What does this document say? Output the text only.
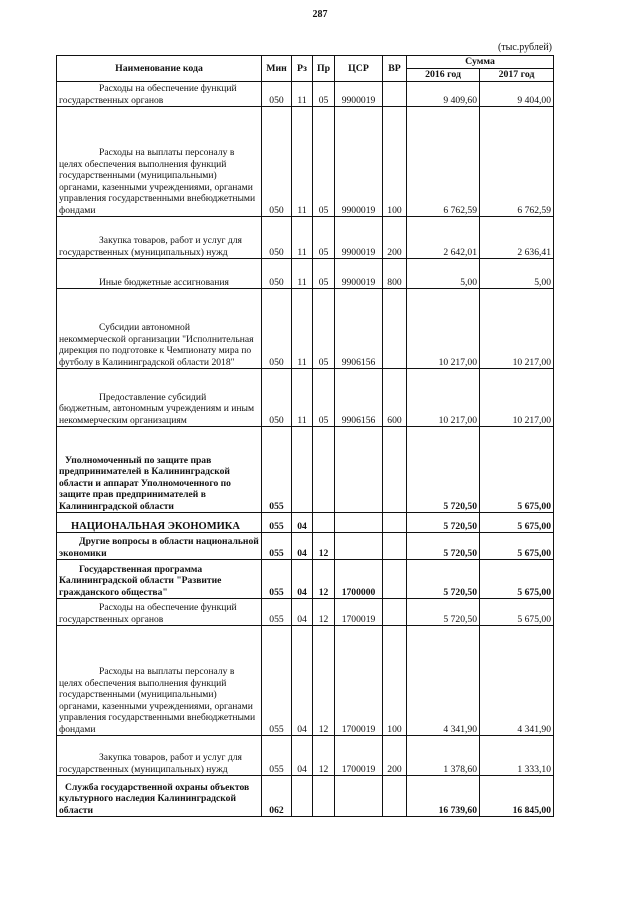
287
(тыс.рублей)
Наименование кода	Мин	Рз	Пр	ЦСР	ВР	Сумма	
						2016 год	2017 год
Расходы на обеспечение функций государственных органов	050	11	05	9900019		9 409,60	9 404,00
Расходы на выплаты персоналу в целях обеспечения выполнения функций государственными (муниципальными) органами, казенными учреждениями, органами управления государственными внебюджетными фондами	050	11	05	9900019	100	6 762,59	6 762,59
Закупка товаров, работ и услуг для государственных (муниципальных) нужд	050	11	05	9900019	200	2 642,01	2 636,41
Иные бюджетные ассигнования	050	11	05	9900019	800	5,00	5,00
Субсидии автономной некоммерческой организации "Исполнительная дирекция по подготовке к Чемпионату мира по футболу в Калининградской области 2018"	050	11	05	9906156		10 217,00	10 217,00
Предоставление субсидий бюджетным, автономным учреждениям и иным некоммерческим организациям	050	11	05	9906156	600	10 217,00	10 217,00
Уполномоченный по защите прав предпринимателей в Калининградской области и аппарат Уполномоченного по защите прав предпринимателей в Калининградской области	055					5 720,50	5 675,00
НАЦИОНАЛЬНАЯ ЭКОНОМИКА	055	04				5 720,50	5 675,00
Другие вопросы в области национальной экономики	055	04	12			5 720,50	5 675,00
Государственная программа Калининградской области "Развитие гражданского общества"	055	04	12	1700000		5 720,50	5 675,00
Расходы на обеспечение функций государственных органов	055	04	12	1700019		5 720,50	5 675,00
Расходы на выплаты персоналу в целях обеспечения выполнения функций государственными (муниципальными) органами, казенными учреждениями, органами управления государственными внебюджетными фондами	055	04	12	1700019	100	4 341,90	4 341,90
Закупка товаров, работ и услуг для государственных (муниципальных) нужд	055	04	12	1700019	200	1 378,60	1 333,10
Служба государственной охраны объектов культурного наследия Калининградской области	062					16 739,60	16 845,00
